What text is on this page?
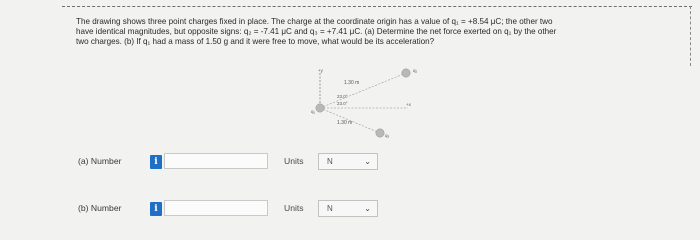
The drawing shows three point charges fixed in place. The charge at the coordinate origin has a value of q₁ = +8.54 μC; the other two

have identical magnitudes, but opposite signs: q₂ = -7.41 μC and q₃ = +7.41 μC. (a) Determine the net force exerted on q₁ by the other

two charges. (b) If q₁ had a mass of 1.50 g and it were free to move, what would be its acceleration?

+y
+x
q₁
q₂
q₃
1.30 m
23.0°
23.0°
1.30 m
(a) Number	i	Units	N	⌄
(b) Number	i	Units	N	⌄
